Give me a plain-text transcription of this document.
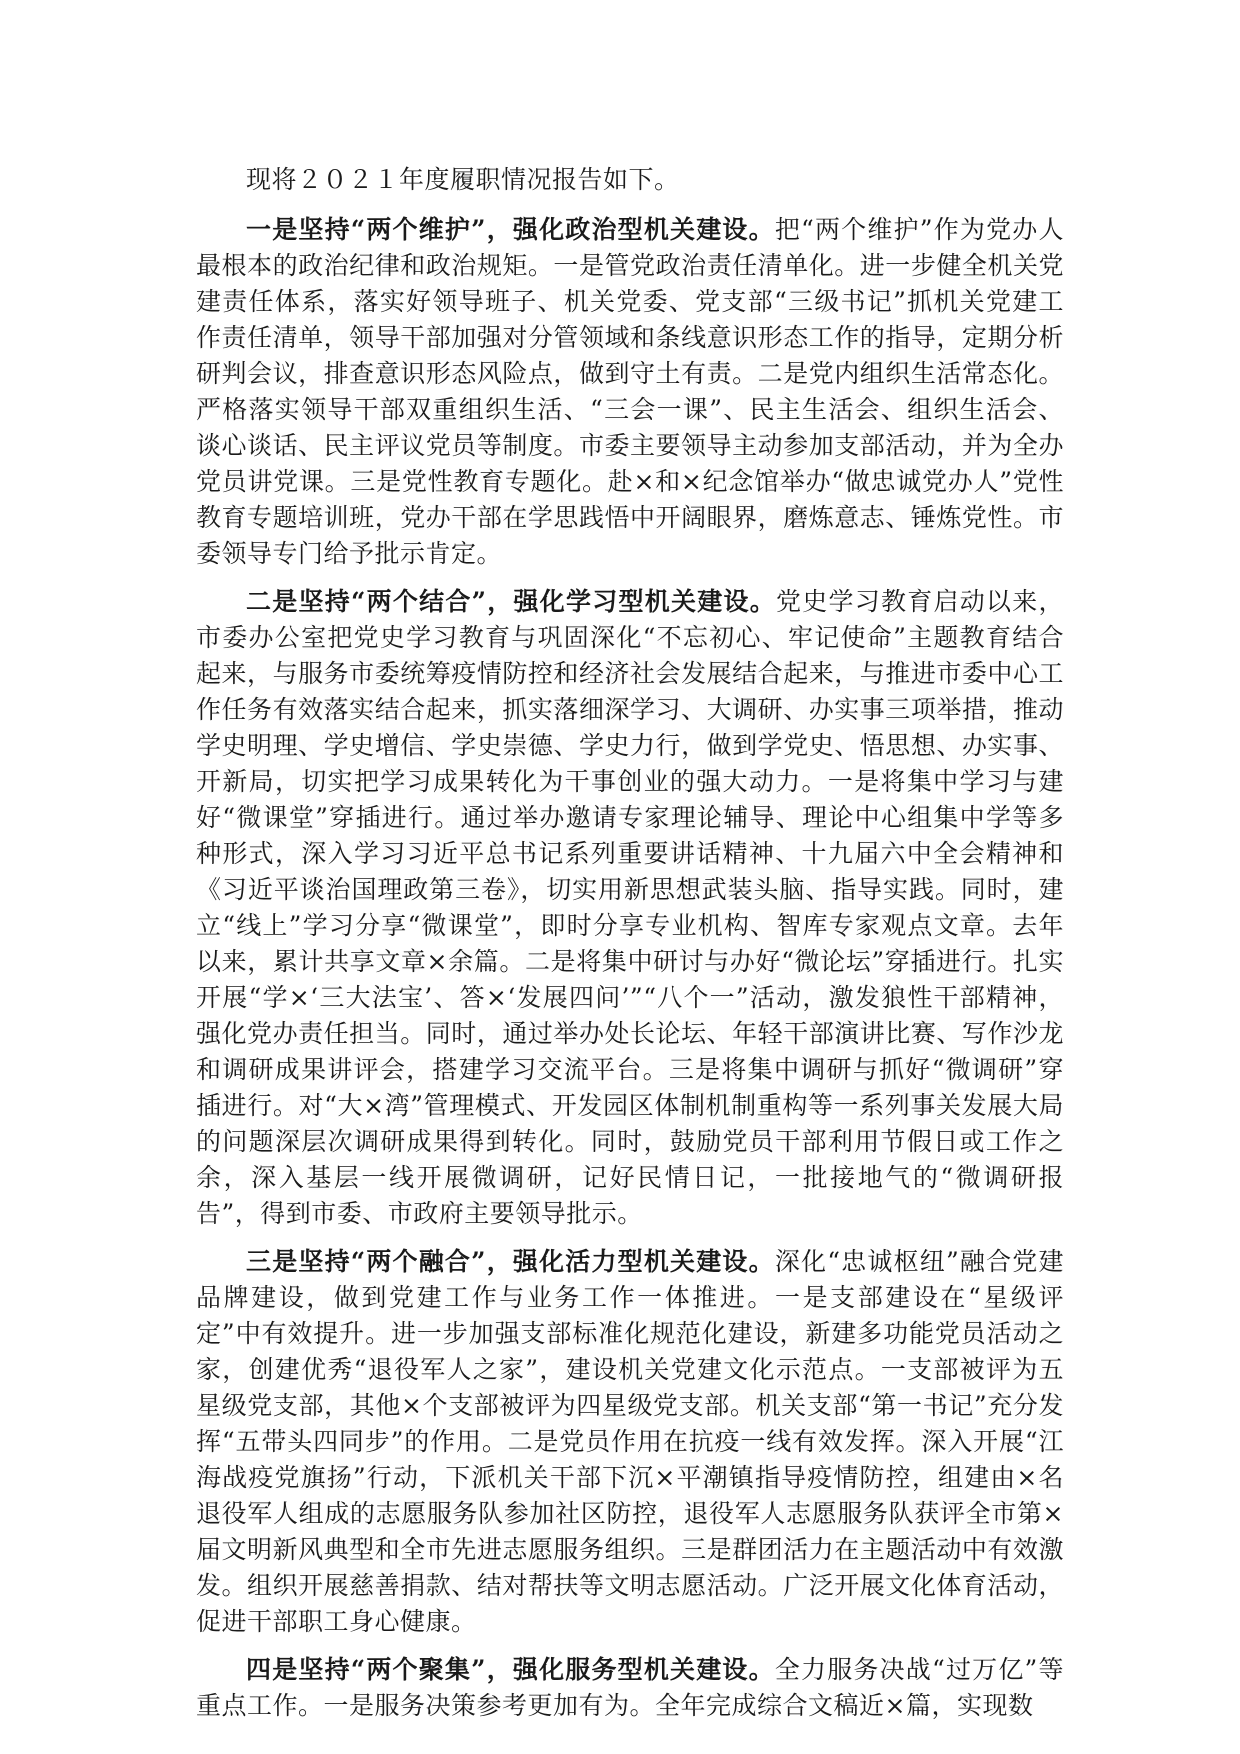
现将２０２１年度履职情况报告如下。

一是坚持“两个维护”，强化政治型机关建设。把“两个维护”作为党办人最根本的政治纪律和政治规矩。一是管党政治责任清单化。进一步健全机关党建责任体系，落实好领导班子、机关党委、党支部“三级书记”抓机关党建工作责任清单，领导干部加强对分管领域和条线意识形态工作的指导，定期分析研判会议，排查意识形态风险点，做到守土有责。二是党内组织生活常态化。严格落实领导干部双重组织生活、“三会一课”、民主生活会、组织生活会、谈心谈话、民主评议党员等制度。市委主要领导主动参加支部活动，并为全办党员讲党课。三是党性教育专题化。赴×和×纪念馆举办“做忠诚党办人”党性教育专题培训班，党办干部在学思践悟中开阔眼界，磨炼意志、锤炼党性。市委领导专门给予批示肯定。

二是坚持“两个结合”，强化学习型机关建设。党史学习教育启动以来，市委办公室把党史学习教育与巩固深化“不忘初心、牢记使命”主题教育结合起来，与服务市委统筹疫情防控和经济社会发展结合起来，与推进市委中心工作任务有效落实结合起来，抓实落细深学习、大调研、办实事三项举措，推动学史明理、学史增信、学史崇德、学史力行，做到学党史、悟思想、办实事、开新局，切实把学习成果转化为干事创业的强大动力。一是将集中学习与建好“微课堂”穿插进行。通过举办邀请专家理论辅导、理论中心组集中学等多种形式，深入学习习近平总书记系列重要讲话精神、十九届六中全会精神和《习近平谈治国理政第三卷》，切实用新思想武装头脑、指导实践。同时，建立“线上”学习分享“微课堂”，即时分享专业机构、智库专家观点文章。去年以来，累计共享文章×余篇。二是将集中研讨与办好“微论坛”穿插进行。扎实开展“学×‘三大法宝’、答×‘发展四问’”“八个一”活动，激发狼性干部精神，强化党办责任担当。同时，通过举办处长论坛、年轻干部演讲比赛、写作沙龙和调研成果讲评会，搭建学习交流平台。三是将集中调研与抓好“微调研”穿插进行。对“大×湾”管理模式、开发园区体制机制重构等一系列事关发展大局的问题深层次调研成果得到转化。同时，鼓励党员干部利用节假日或工作之余，深入基层一线开展微调研，记好民情日记，一批接地气的“微调研报告”，得到市委、市政府主要领导批示。

三是坚持“两个融合”，强化活力型机关建设。深化“忠诚枢纽”融合党建品牌建设，做到党建工作与业务工作一体推进。一是支部建设在“星级评定”中有效提升。进一步加强支部标准化规范化建设，新建多功能党员活动之家，创建优秀“退役军人之家”，建设机关党建文化示范点。一支部被评为五星级党支部，其他×个支部被评为四星级党支部。机关支部“第一书记”充分发挥“五带头四同步”的作用。二是党员作用在抗疫一线有效发挥。深入开展“江海战疫党旗扬”行动，下派机关干部下沉×平潮镇指导疫情防控，组建由×名退役军人组成的志愿服务队参加社区防控，退役军人志愿服务队获评全市第×届文明新风典型和全市先进志愿服务组织。三是群团活力在主题活动中有效激发。组织开展慈善捐款、结对帮扶等文明志愿活动。广泛开展文化体育活动，促进干部职工身心健康。

四是坚持“两个聚集”，强化服务型机关建设。全力服务决战“过万亿”等重点工作。一是服务决策参考更加有为。全年完成综合文稿近×篇，实现数
